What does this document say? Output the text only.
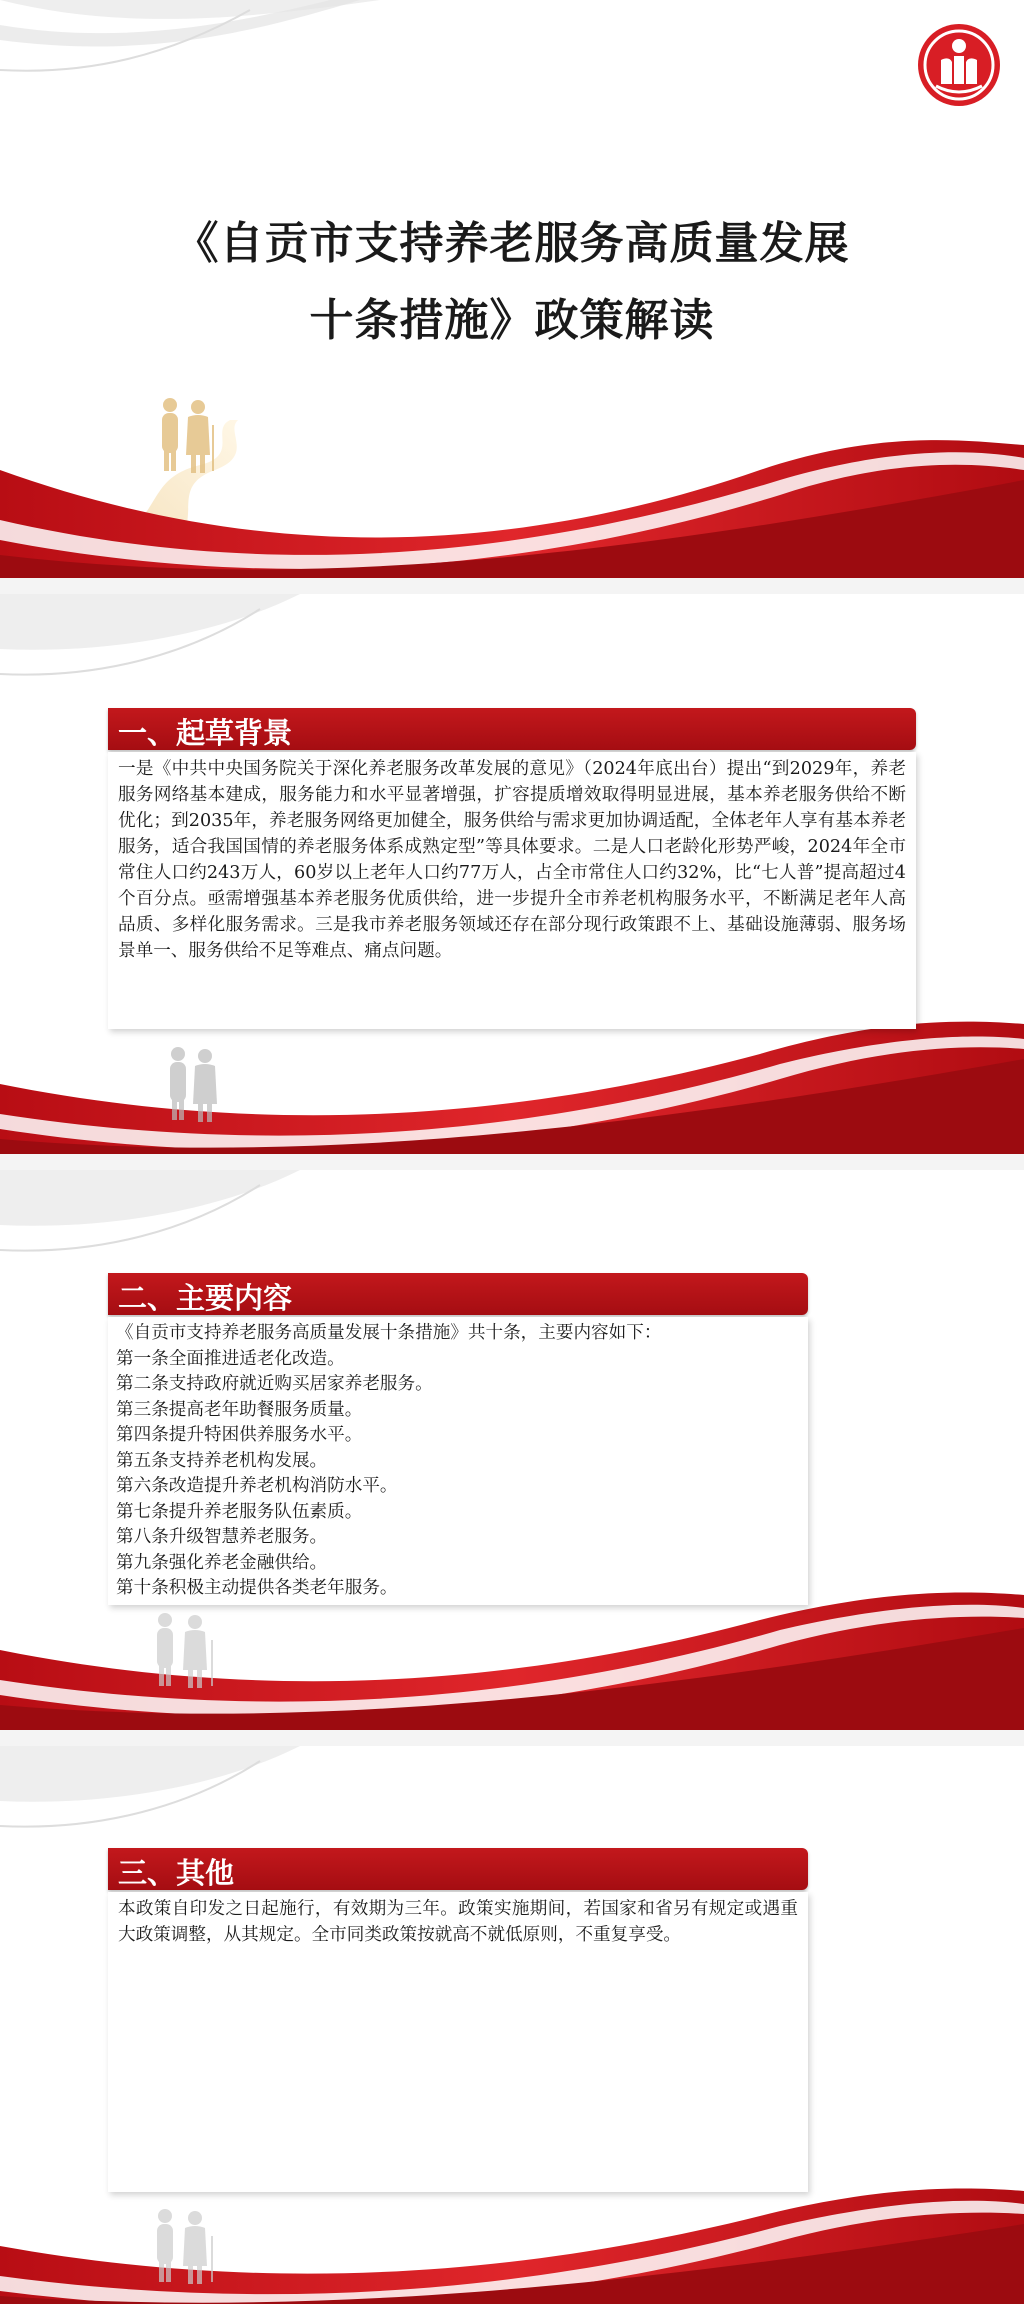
《自贡市支持养老服务高质量发展
十条措施》政策解读
一、起草背景

一是《中共中央国务院关于深化养老服务改革发展的意见》（2024年底出台）提出“到2029年，养老服务网络基本建成，服务能力和水平显著增强，扩容提质增效取得明显进展，基本养老服务供给不断优化；到2035年，养老服务网络更加健全，服务供给与需求更加协调适配，全体老年人享有基本养老服务，适合我国国情的养老服务体系成熟定型”等具体要求。二是人口老龄化形势严峻，2024年全市常住人口约243万人，60岁以上老年人口约77万人，占全市常住人口约32%，比“七人普”提高超过4个百分点。亟需增强基本养老服务优质供给，进一步提升全市养老机构服务水平，不断满足老年人高品质、多样化服务需求。三是我市养老服务领域还存在部分现行政策跟不上、基础设施薄弱、服务场景单一、服务供给不足等难点、痛点问题。

二、主要内容

《自贡市支持养老服务高质量发展十条措施》共十条，主要内容如下：

第一条全面推进适老化改造。

第二条支持政府就近购买居家养老服务。

第三条提高老年助餐服务质量。

第四条提升特困供养服务水平。

第五条支持养老机构发展。

第六条改造提升养老机构消防水平。

第七条提升养老服务队伍素质。

第八条升级智慧养老服务。

第九条强化养老金融供给。

第十条积极主动提供各类老年服务。

三、其他

本政策自印发之日起施行，有效期为三年。政策实施期间，若国家和省另有规定或遇重大政策调整，从其规定。全市同类政策按就高不就低原则，不重复享受。
